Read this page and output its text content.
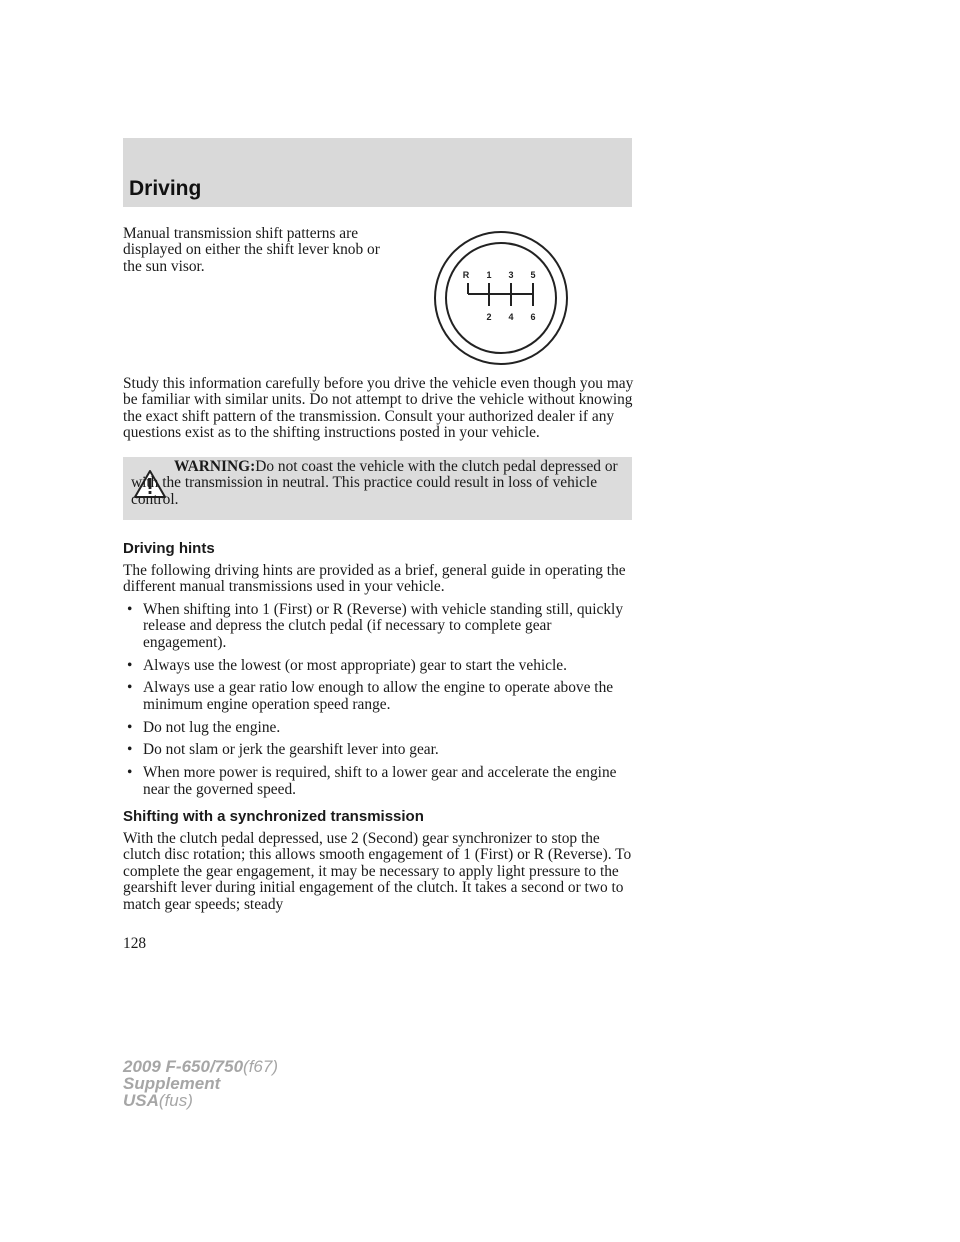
Driving

Manual transmission shift patterns are displayed on either the shift lever knob or the sun visor.

R 1 3 5
2 4 6

Study this information carefully before you drive the vehicle even though you may be familiar with similar units. Do not attempt to drive the vehicle without knowing the exact shift pattern of the transmission. Consult your authorized dealer if any questions exist as to the shifting instructions posted in your vehicle.

WARNING:Do not coast the vehicle with the clutch pedal depressed or with the transmission in neutral. This practice could result in loss of vehicle control.

Driving hints

The following driving hints are provided as a brief, general guide in operating the different manual transmissions used in your vehicle.

• When shifting into 1 (First) or R (Reverse) with vehicle standing still, quickly release and depress the clutch pedal (if necessary to complete gear engagement).
• Always use the lowest (or most appropriate) gear to start the vehicle.
• Always use a gear ratio low enough to allow the engine to operate above the minimum engine operation speed range.
• Do not lug the engine.
• Do not slam or jerk the gearshift lever into gear.
• When more power is required, shift to a lower gear and accelerate the engine near the governed speed.
Shifting with a synchronized transmission

With the clutch pedal depressed, use 2 (Second) gear synchronizer to stop the clutch disc rotation; this allows smooth engagement of 1 (First) or R (Reverse). To complete the gear engagement, it may be necessary to apply light pressure to the gearshift lever during initial engagement of the clutch. It takes a second or two to match gear speeds; steady

128

2009 F-650/750(f67)
Supplement
USA(fus)
